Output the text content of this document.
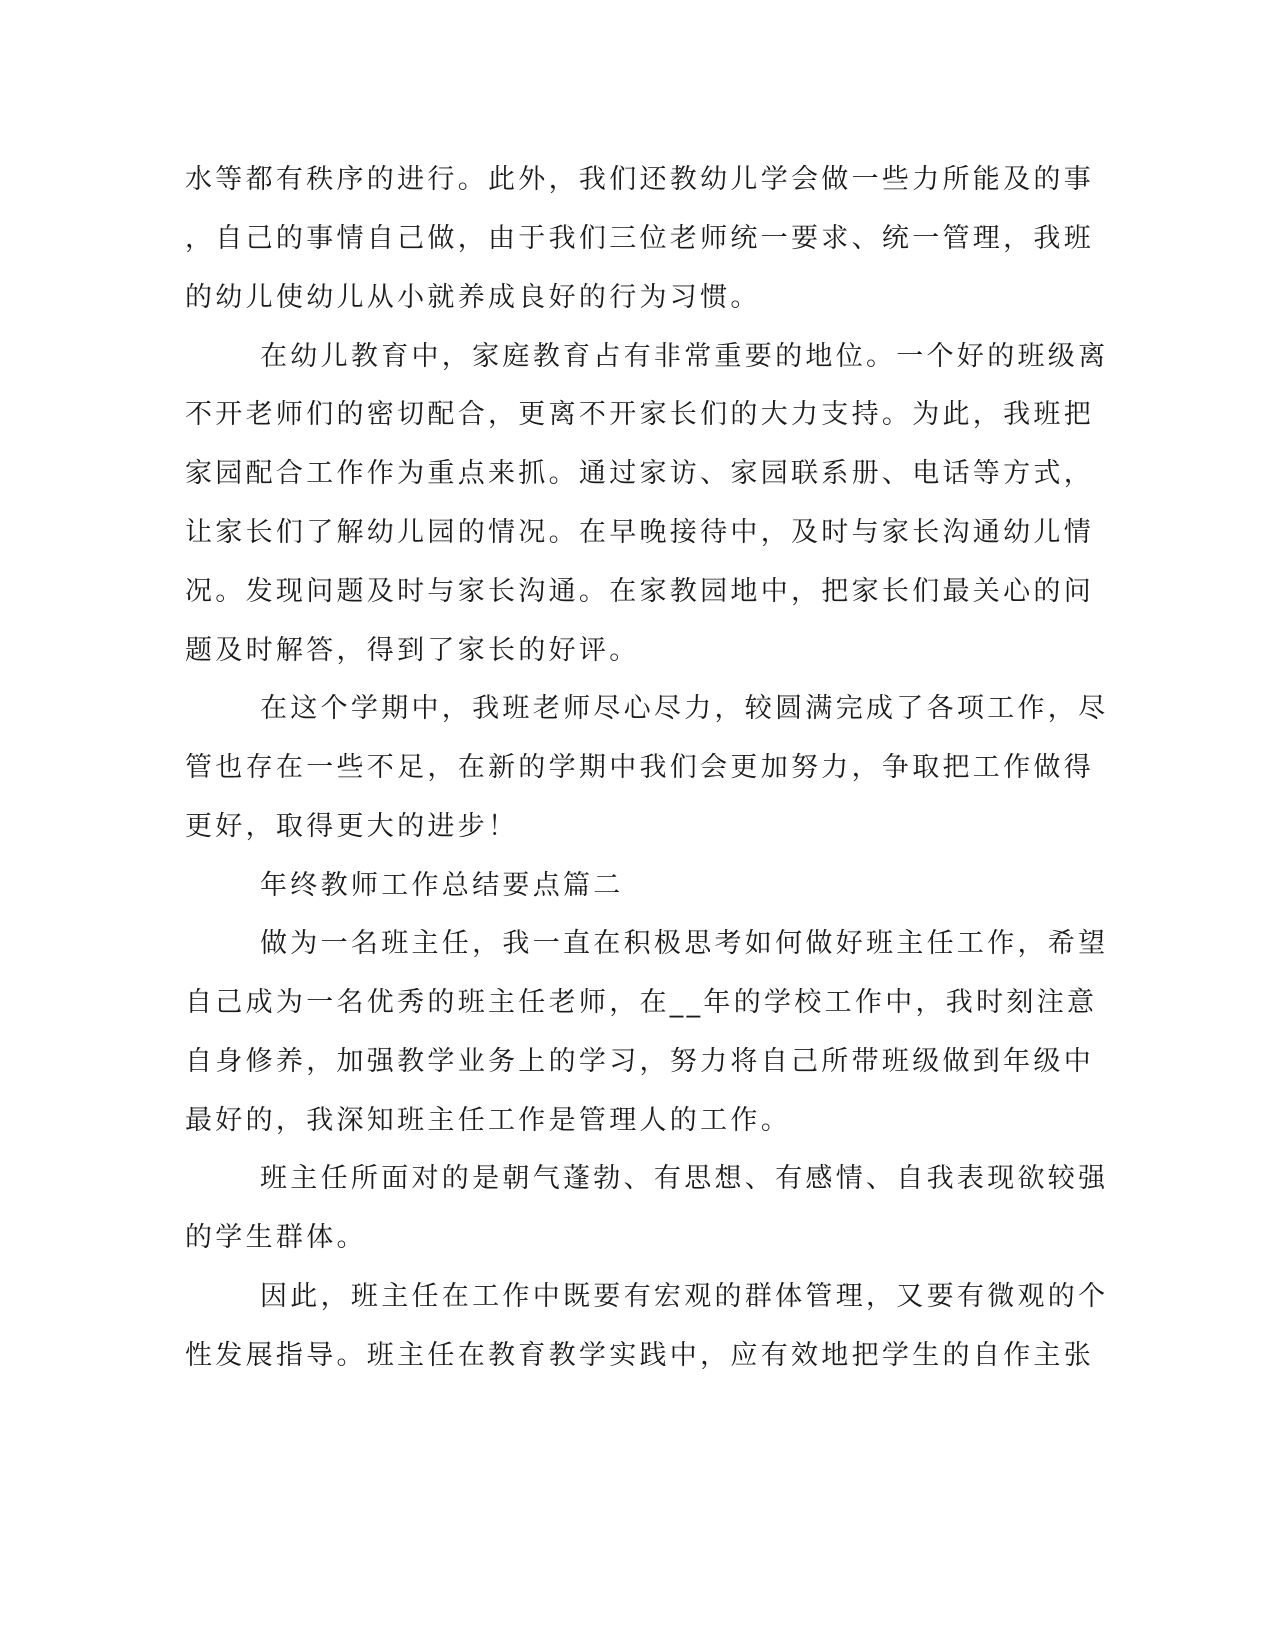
水等都有秩序的进行。此外，我们还教幼儿学会做一些力所能及的事
，自己的事情自己做，由于我们三位老师统一要求、统一管理，我班
的幼儿使幼儿从小就养成良好的行为习惯。
在幼儿教育中，家庭教育占有非常重要的地位。一个好的班级离
不开老师们的密切配合，更离不开家长们的大力支持。为此，我班把
家园配合工作作为重点来抓。通过家访、家园联系册、电话等方式，
让家长们了解幼儿园的情况。在早晚接待中，及时与家长沟通幼儿情
况。发现问题及时与家长沟通。在家教园地中，把家长们最关心的问
题及时解答，得到了家长的好评。
在这个学期中，我班老师尽心尽力，较圆满完成了各项工作，尽
管也存在一些不足，在新的学期中我们会更加努力，争取把工作做得
更好，取得更大的进步！
年终教师工作总结要点篇二
做为一名班主任，我一直在积极思考如何做好班主任工作，希望
自己成为一名优秀的班主任老师，在__年的学校工作中，我时刻注意
自身修养，加强教学业务上的学习，努力将自己所带班级做到年级中
最好的，我深知班主任工作是管理人的工作。
班主任所面对的是朝气蓬勃、有思想、有感情、自我表现欲较强
的学生群体。
因此，班主任在工作中既要有宏观的群体管理，又要有微观的个
性发展指导。班主任在教育教学实践中，应有效地把学生的自作主张
